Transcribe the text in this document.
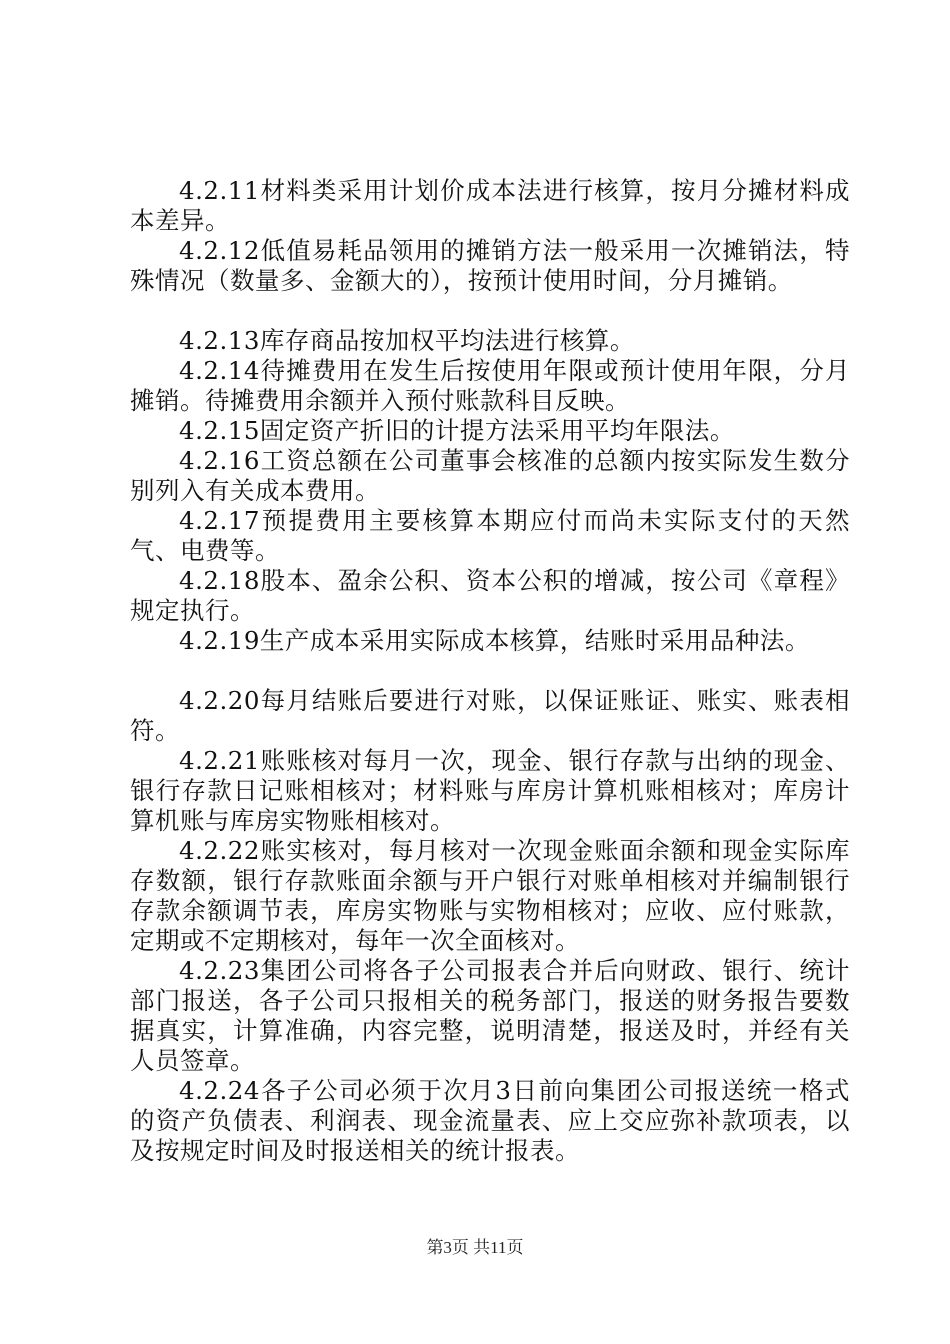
4.2.11材料类采用计划价成本法进行核算，按月分摊材料成本差异。

4.2.12低值易耗品领用的摊销方法一般采用一次摊销法，特殊情况（数量多、金额大的），按预计使用时间，分月摊销。

4.2.13库存商品按加权平均法进行核算。

4.2.14待摊费用在发生后按使用年限或预计使用年限，分月摊销。待摊费用余额并入预付账款科目反映。

4.2.15固定资产折旧的计提方法采用平均年限法。

4.2.16工资总额在公司董事会核准的总额内按实际发生数分别列入有关成本费用。

4.2.17预提费用主要核算本期应付而尚未实际支付的天然气、电费等。

4.2.18股本、盈余公积、资本公积的增减，按公司《章程》规定执行。

4.2.19生产成本采用实际成本核算，结账时采用品种法。

4.2.20每月结账后要进行对账，以保证账证、账实、账表相符。

4.2.21账账核对每月一次，现金、银行存款与出纳的现金、银行存款日记账相核对；材料账与库房计算机账相核对；库房计算机账与库房实物账相核对。

4.2.22账实核对，每月核对一次现金账面余额和现金实际库存数额，银行存款账面余额与开户银行对账单相核对并编制银行存款余额调节表，库房实物账与实物相核对；应收、应付账款，定期或不定期核对，每年一次全面核对。

4.2.23集团公司将各子公司报表合并后向财政、银行、统计部门报送，各子公司只报相关的税务部门，报送的财务报告要数据真实，计算准确，内容完整，说明清楚，报送及时，并经有关人员签章。

4.2.24各子公司必须于次月3日前向集团公司报送统一格式的资产负债表、利润表、现金流量表、应上交应弥补款项表，以及按规定时间及时报送相关的统计报表。

第3页 共11页
